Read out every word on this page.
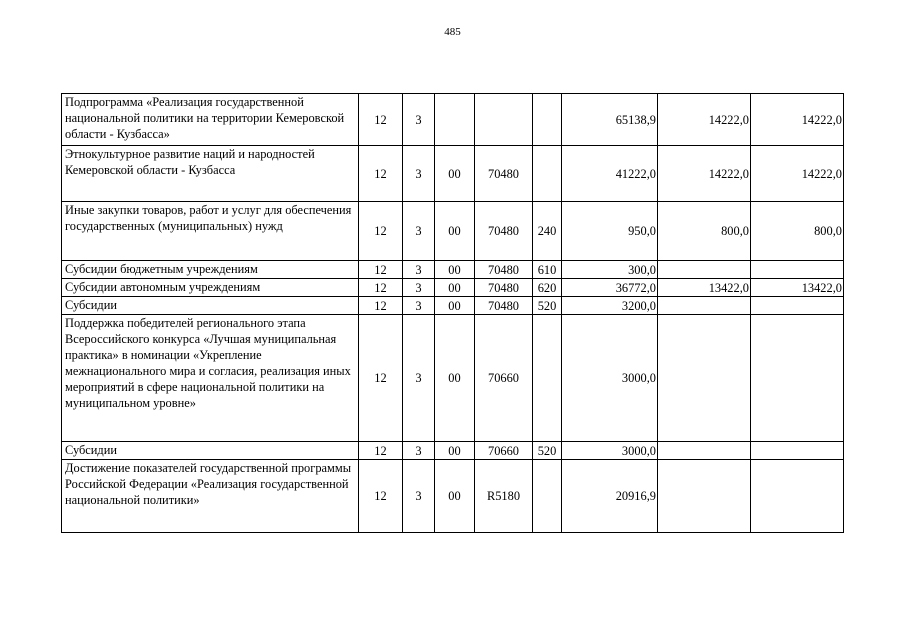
485
Подпрограмма «Реализация государственной национальной политики на территории Кемеровской области - Кузбасса»	12	3				65138,9	14222,0	14222,0
Этнокультурное развитие наций и народностей Кемеровской области - Кузбасса	12	3	00	70480		41222,0	14222,0	14222,0
Иные закупки товаров, работ и услуг для обеспечения государственных (муниципальных) нужд	12	3	00	70480	240	950,0	800,0	800,0
Субсидии бюджетным учреждениям	12	3	00	70480	610	300,0		
Субсидии автономным учреждениям	12	3	00	70480	620	36772,0	13422,0	13422,0
Субсидии	12	3	00	70480	520	3200,0		
Поддержка победителей регионального этапа Всероссийского конкурса «Лучшая муниципальная практика» в номинации «Укрепление межнационального мира и согласия, реализация иных мероприятий в сфере национальной политики на муниципальном уровне»	12	3	00	70660		3000,0		
Субсидии	12	3	00	70660	520	3000,0		
Достижение показателей государственной программы Российской Федерации «Реализация государственной национальной политики»	12	3	00	R5180		20916,9		
